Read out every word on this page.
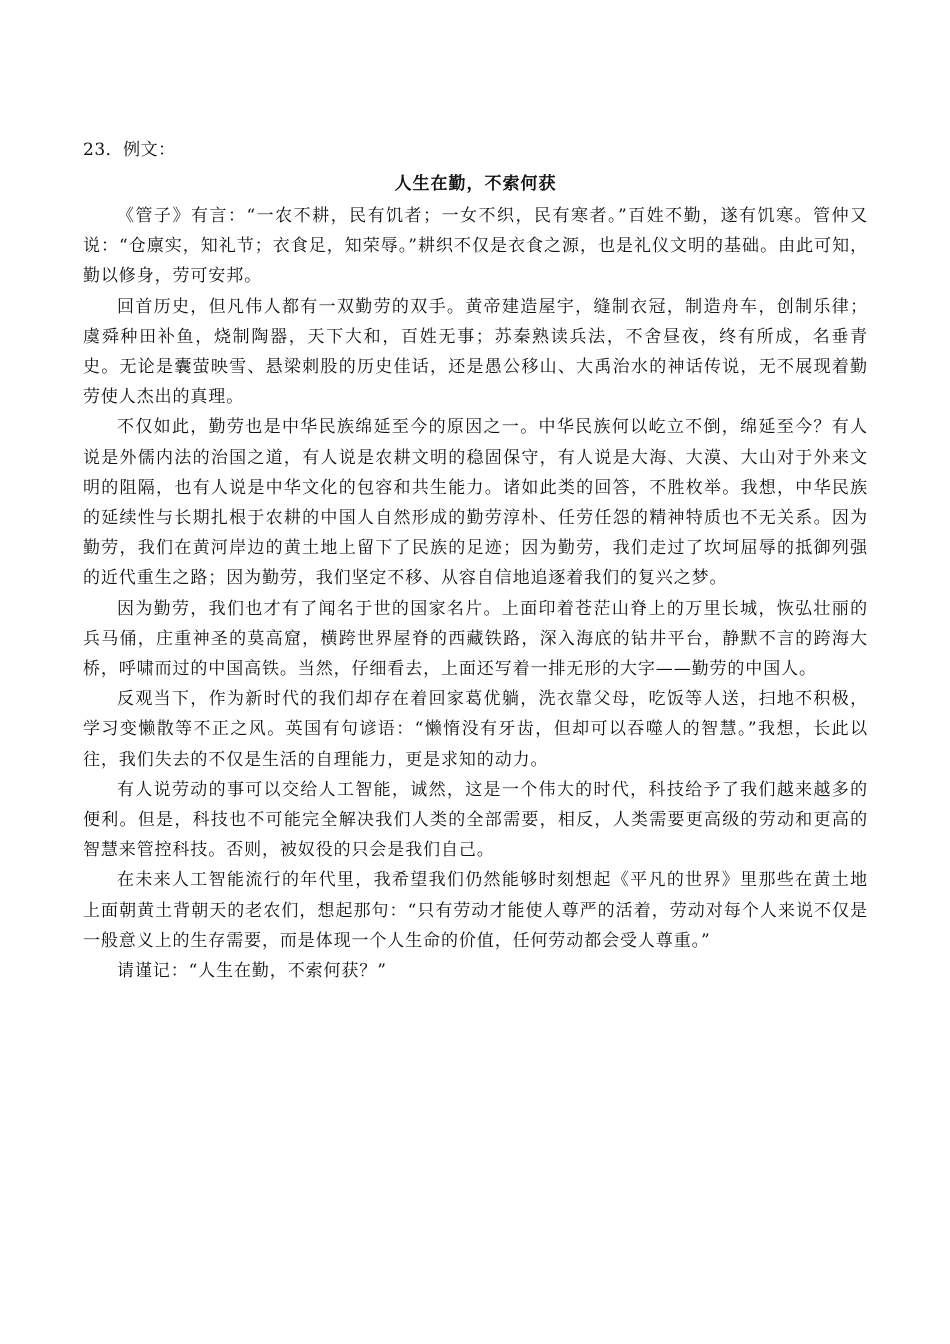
23．例文：
人生在勤，不索何获

《管子》有言：“一农不耕，民有饥者；一女不织，民有寒者。”百姓不勤，遂有饥寒。管仲又说：“仓廪实，知礼节；衣食足，知荣辱。”耕织不仅是衣食之源，也是礼仪文明的基础。由此可知，勤以修身，劳可安邦。

回首历史，但凡伟人都有一双勤劳的双手。黄帝建造屋宇，缝制衣冠，制造舟车，创制乐律；虞舜种田补鱼，烧制陶器，天下大和，百姓无事；苏秦熟读兵法，不舍昼夜，终有所成，名垂青史。无论是囊萤映雪、悬梁刺股的历史佳话，还是愚公移山、大禹治水的神话传说，无不展现着勤劳使人杰出的真理。

不仅如此，勤劳也是中华民族绵延至今的原因之一。中华民族何以屹立不倒，绵延至今？有人说是外儒内法的治国之道，有人说是农耕文明的稳固保守，有人说是大海、大漠、大山对于外来文明的阻隔，也有人说是中华文化的包容和共生能力。诸如此类的回答，不胜枚举。我想，中华民族的延续性与长期扎根于农耕的中国人自然形成的勤劳淳朴、任劳任怨的精神特质也不无关系。因为勤劳，我们在黄河岸边的黄土地上留下了民族的足迹；因为勤劳，我们走过了坎坷屈辱的抵御列强的近代重生之路；因为勤劳，我们坚定不移、从容自信地追逐着我们的复兴之梦。

因为勤劳，我们也才有了闻名于世的国家名片。上面印着苍茫山脊上的万里长城，恢弘壮丽的兵马俑，庄重神圣的莫高窟，横跨世界屋脊的西藏铁路，深入海底的钻井平台，静默不言的跨海大桥，呼啸而过的中国高铁。当然，仔细看去，上面还写着一排无形的大字——勤劳的中国人。

反观当下，作为新时代的我们却存在着回家葛优躺，洗衣靠父母，吃饭等人送，扫地不积极，学习变懒散等不正之风。英国有句谚语：“懒惰没有牙齿，但却可以吞噬人的智慧。”我想，长此以往，我们失去的不仅是生活的自理能力，更是求知的动力。

有人说劳动的事可以交给人工智能，诚然，这是一个伟大的时代，科技给予了我们越来越多的便利。但是，科技也不可能完全解决我们人类的全部需要，相反，人类需要更高级的劳动和更高的智慧来管控科技。否则，被奴役的只会是我们自己。

在未来人工智能流行的年代里，我希望我们仍然能够时刻想起《平凡的世界》里那些在黄土地上面朝黄土背朝天的老农们，想起那句：“只有劳动才能使人尊严的活着，劳动对每个人来说不仅是一般意义上的生存需要，而是体现一个人生命的价值，任何劳动都会受人尊重。”

请谨记：“人生在勤，不索何获？”
